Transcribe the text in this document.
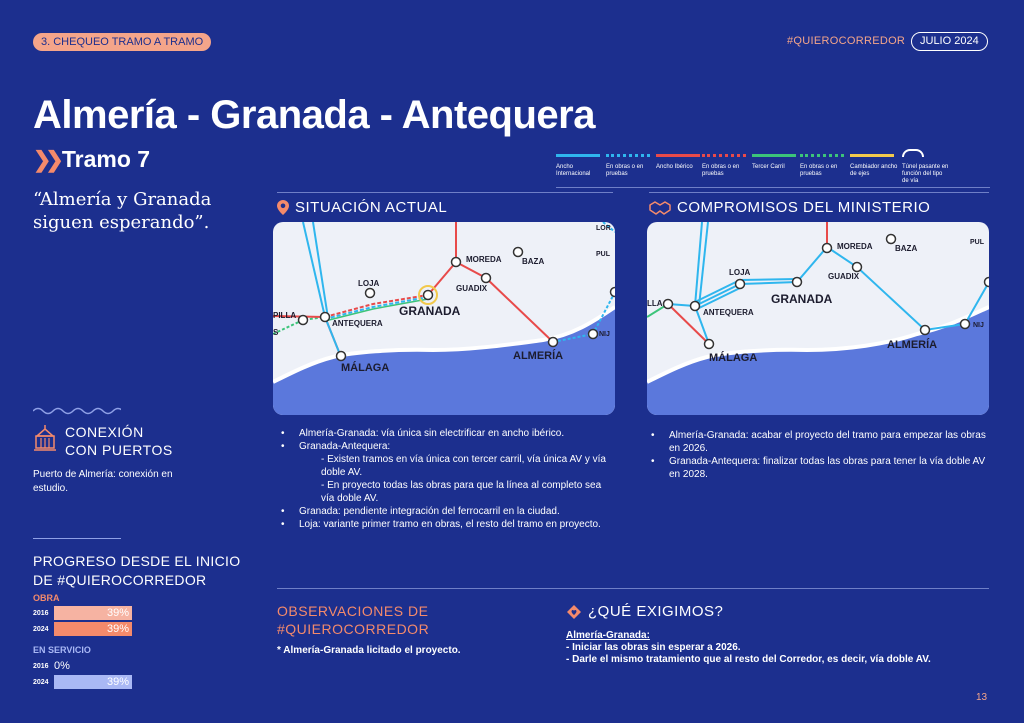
3. CHEQUEO TRAMO A TRAMO	#QUIEROCORREDOR	JULIO 2024
Almería - Granada - Antequera
❯❯ Tramo 7
“Almería y Granada siguen esperando”.
Ancho Internacional
En obras o en pruebas
Ancho Ibérico	En obras o en pruebas
Tercer Carril	En obras o en pruebas
Cambiador ancho de ejes
Túnel pasante en función del tipo de vía
SITUACIÓN ACTUAL
LOJA
GRANADA
MOREDA	BAZA
GUADIX
ANTEQUERA
MÁLAGA
ALMERÍA
PILLA
S
LOR
PUL
NIJ
• Almería-Granada: vía única sin electrificar en ancho ibérico.
• Granada-Antequera:
- Existen tramos en vía única con tercer carril, vía única AV y vía doble AV.
- En proyecto todas las obras para que la línea al completo sea vía doble AV.
• Granada: pendiente integración del ferrocarril en la ciudad.
• Loja: variante primer tramo en obras, el resto del tramo en proyecto.
COMPROMISOS DEL MINISTERIO
LOJA
GRANADA
MOREDA	BAZA
GUADIX
ANTEQUERA
MÁLAGA
ALMERÍA
LLA
PUL
NIJ
• Almería-Granada: acabar el proyecto del tramo para empezar las obras en 2026.
• Granada-Antequera: finalizar todas las obras para tener la vía doble AV en 2028.
CONEXIÓN
CON PUERTOS
Puerto de Almería: conexión en estudio.
PROGRESO DESDE EL INICIO
DE #QUIEROCORREDOR
OBRA
2016	39%
2024	39%
EN SERVICIO
2016 0%
2024	39%
OBSERVACIONES DE
#QUIEROCORREDOR
* Almería-Granada licitado el proyecto.
¿QUÉ EXIGIMOS?
Almería-Granada:
- Iniciar las obras sin esperar a 2026.
- Darle el mismo tratamiento que al resto del Corredor, es decir, vía doble AV.
13
